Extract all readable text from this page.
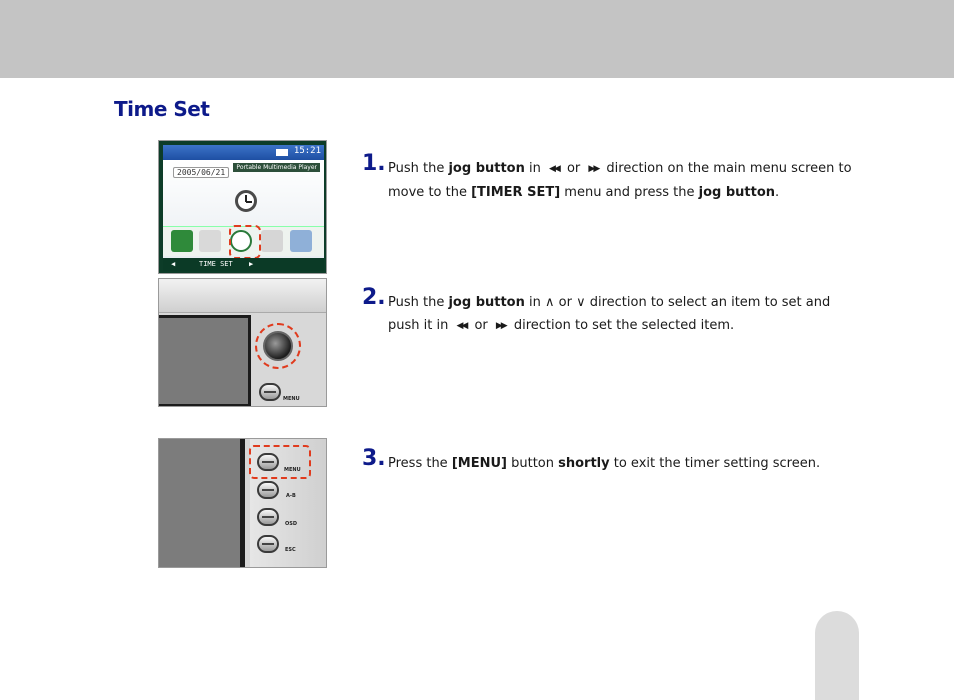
Time Set
15:21
2005/06/21
Portable Multimedia Player
◀	TIME SET ▶
MENU
MENU
A-B
OSD
ESC
1. Push the jog button in ◀◀ or ▶▶ direction on the main menu screen to move to the [TIMER SET] menu and press the jog button.
2. Push the jog button in ∧ or ∨ direction to select an item to set and push it in ◀◀ or ▶▶ direction to set the selected item.
3. Press the [MENU] button shortly to exit the timer setting screen.
